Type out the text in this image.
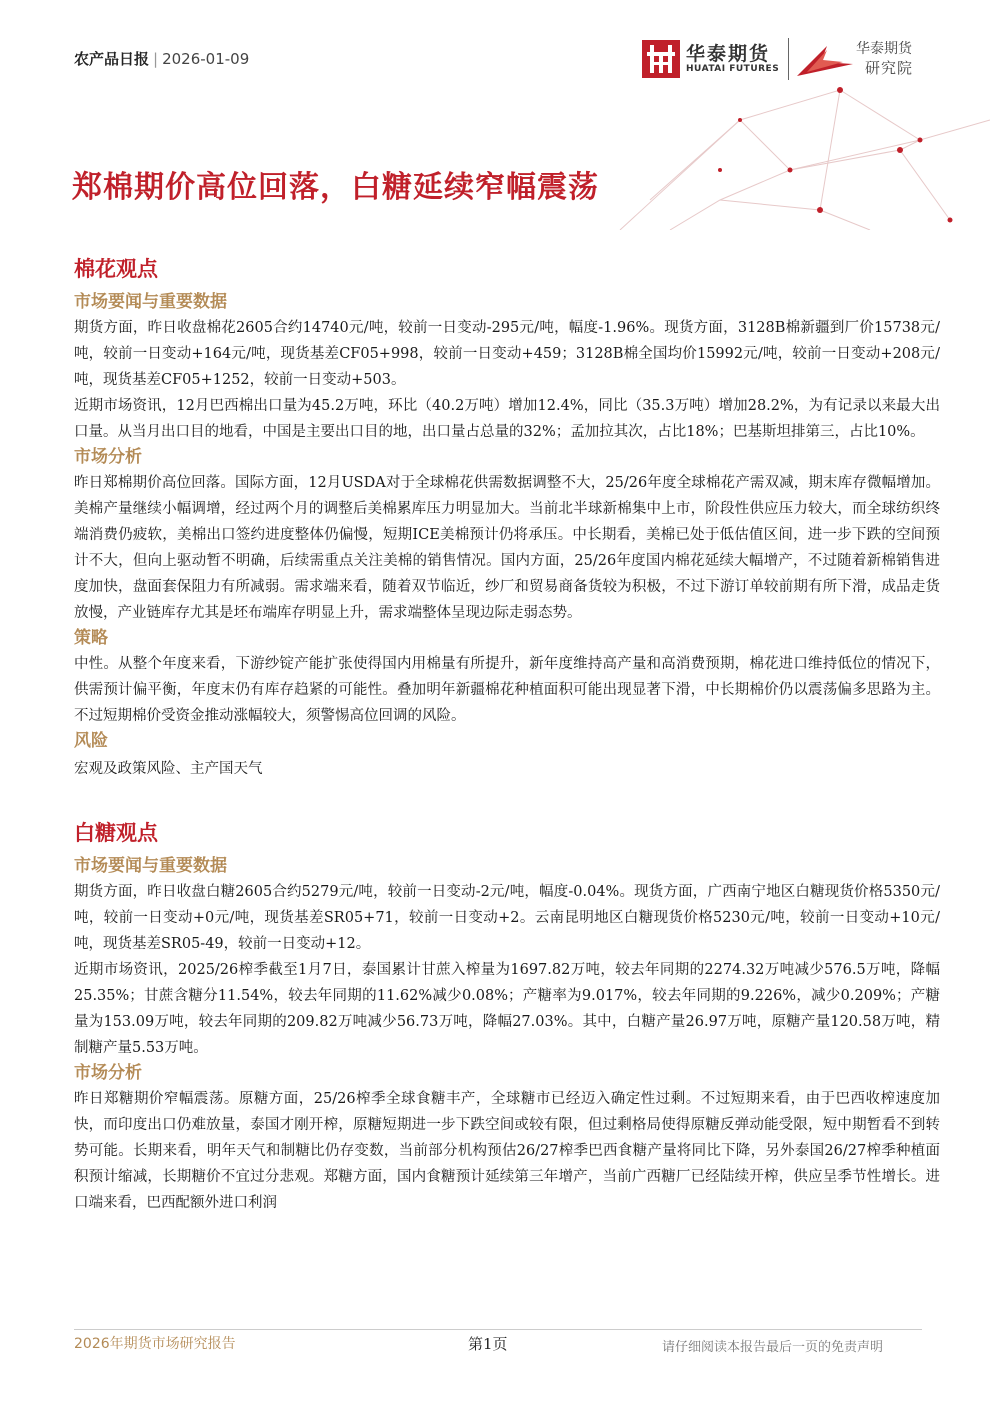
农产品日报 | 2026-01-09	华泰期货
HUATAI FUTURES
华泰期货
研究院
郑棉期价高位回落，白糖延续窄幅震荡
棉花观点
市场要闻与重要数据

期货方面，昨日收盘棉花2605合约14740元/吨，较前一日变动-295元/吨，幅度-1.96%。现货方面，3128B棉新疆到厂价15738元/吨，较前一日变动+164元/吨，现货基差CF05+998，较前一日变动+459；3128B棉全国均价15992元/吨，较前一日变动+208元/吨，现货基差CF05+1252，较前一日变动+503。

近期市场资讯，12月巴西棉出口量为45.2万吨，环比（40.2万吨）增加12.4%，同比（35.3万吨）增加28.2%，为有记录以来最大出口量。从当月出口目的地看，中国是主要出口目的地，出口量占总量的32%；孟加拉其次，占比18%；巴基斯坦排第三，占比10%。

市场分析

昨日郑棉期价高位回落。国际方面，12月USDA对于全球棉花供需数据调整不大，25/26年度全球棉花产需双减，期末库存微幅增加。美棉产量继续小幅调增，经过两个月的调整后美棉累库压力明显加大。当前北半球新棉集中上市，阶段性供应压力较大，而全球纺织终端消费仍疲软，美棉出口签约进度整体仍偏慢，短期ICE美棉预计仍将承压。中长期看，美棉已处于低估值区间，进一步下跌的空间预计不大，但向上驱动暂不明确，后续需重点关注美棉的销售情况。国内方面，25/26年度国内棉花延续大幅增产，不过随着新棉销售进度加快，盘面套保阻力有所减弱。需求端来看，随着双节临近，纱厂和贸易商备货较为积极，不过下游订单较前期有所下滑，成品走货放慢，产业链库存尤其是坯布端库存明显上升，需求端整体呈现边际走弱态势。

策略

中性。从整个年度来看，下游纱锭产能扩张使得国内用棉量有所提升，新年度维持高产量和高消费预期，棉花进口维持低位的情况下，供需预计偏平衡，年度末仍有库存趋紧的可能性。叠加明年新疆棉花种植面积可能出现显著下滑，中长期棉价仍以震荡偏多思路为主。不过短期棉价受资金推动涨幅较大，须警惕高位回调的风险。

风险

宏观及政策风险、主产国天气

白糖观点
市场要闻与重要数据

期货方面，昨日收盘白糖2605合约5279元/吨，较前一日变动-2元/吨，幅度-0.04%。现货方面，广西南宁地区白糖现货价格5350元/吨，较前一日变动+0元/吨，现货基差SR05+71，较前一日变动+2。云南昆明地区白糖现货价格5230元/吨，较前一日变动+10元/吨，现货基差SR05-49，较前一日变动+12。

近期市场资讯，2025/26榨季截至1月7日，泰国累计甘蔗入榨量为1697.82万吨，较去年同期的2274.32万吨减少576.5万吨，降幅25.35%；甘蔗含糖分11.54%，较去年同期的11.62%减少0.08%；产糖率为9.017%，较去年同期的9.226%，减少0.209%；产糖量为153.09万吨，较去年同期的209.82万吨减少56.73万吨，降幅27.03%。其中，白糖产量26.97万吨，原糖产量120.58万吨，精制糖产量5.53万吨。

市场分析

昨日郑糖期价窄幅震荡。原糖方面，25/26榨季全球食糖丰产，全球糖市已经迈入确定性过剩。不过短期来看，由于巴西收榨速度加快，而印度出口仍难放量，泰国才刚开榨，原糖短期进一步下跌空间或较有限，但过剩格局使得原糖反弹动能受限，短中期暂看不到转势可能。长期来看，明年天气和制糖比仍存变数，当前部分机构预估26/27榨季巴西食糖产量将同比下降，另外泰国26/27榨季种植面积预计缩减，长期糖价不宜过分悲观。郑糖方面，国内食糖预计延续第三年增产，当前广西糖厂已经陆续开榨，供应呈季节性增长。进口端来看，巴西配额外进口利润

2026年期货市场研究报告	第1页	请仔细阅读本报告最后一页的免责声明
